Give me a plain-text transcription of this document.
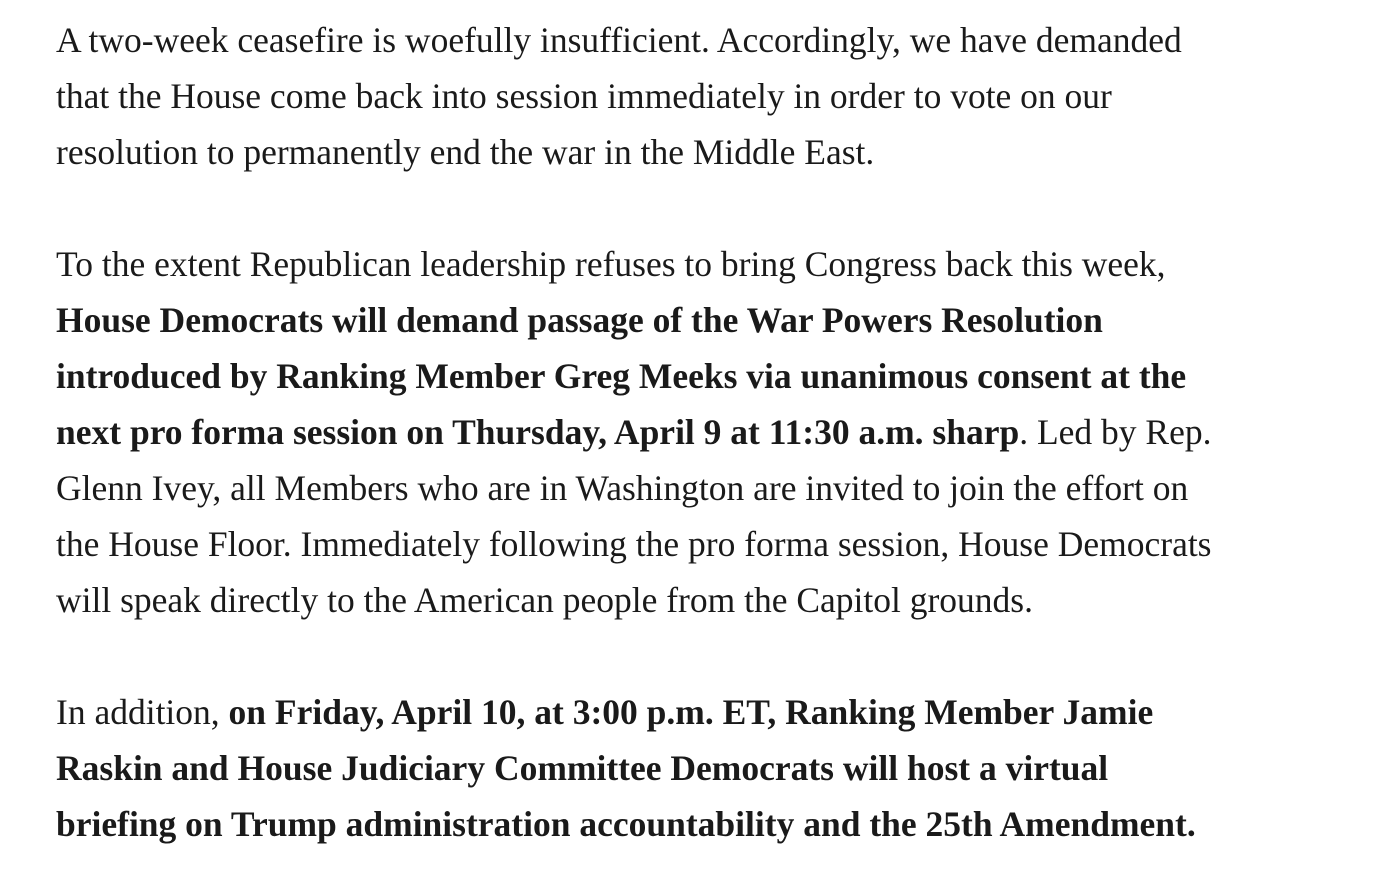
A two-week ceasefire is woefully insufficient. Accordingly, we have demanded
that the House come back into session immediately in order to vote on our
resolution to permanently end the war in the Middle East.

To the extent Republican leadership refuses to bring Congress back this week,
House Democrats will demand passage of the War Powers Resolution
introduced by Ranking Member Greg Meeks via unanimous consent at the
next pro forma session on Thursday, April 9 at 11:30 a.m. sharp. Led by Rep.
Glenn Ivey, all Members who are in Washington are invited to join the effort on
the House Floor. Immediately following the pro forma session, House Democrats
will speak directly to the American people from the Capitol grounds.

In addition, on Friday, April 10, at 3:00 p.m. ET, Ranking Member Jamie
Raskin and House Judiciary Committee Democrats will host a virtual
briefing on Trump administration accountability and the 25th Amendment.
